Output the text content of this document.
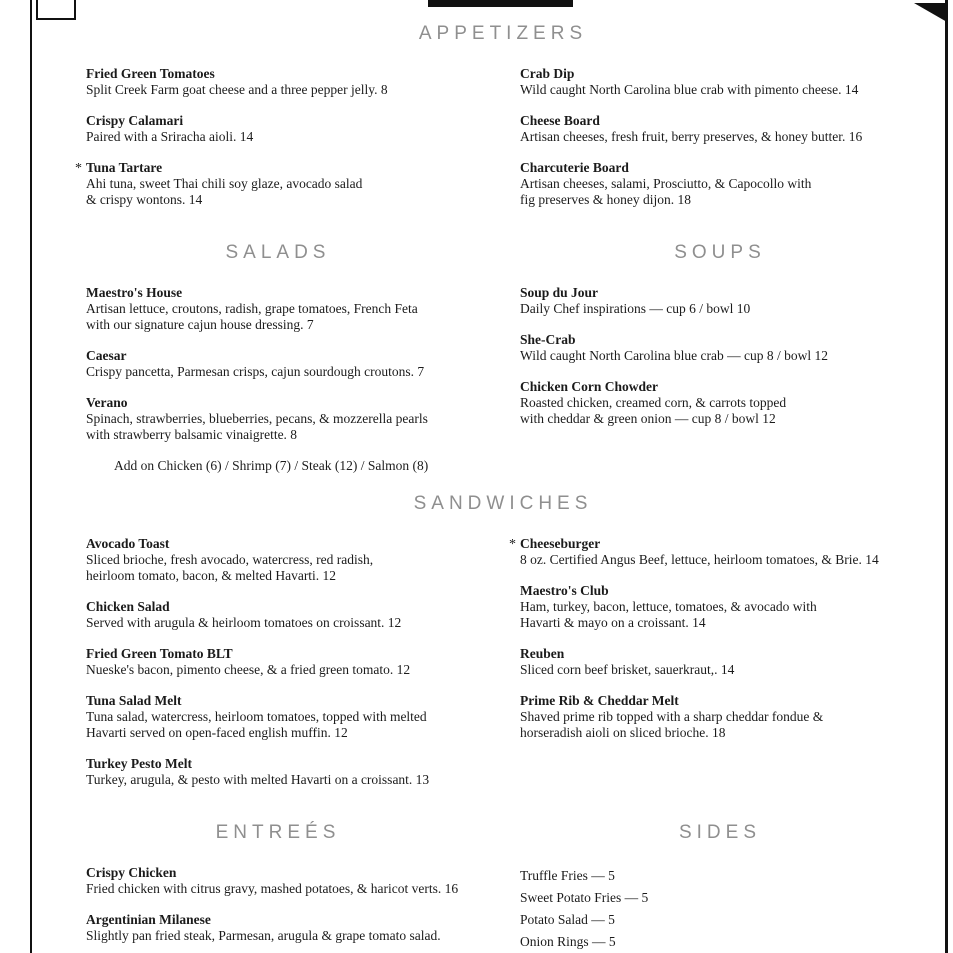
APPETIZERS
Fried Green Tomatoes
Split Creek Farm goat cheese and a three pepper jelly. 8
Crispy Calamari
Paired with a Sriracha aioli. 14
* Tuna Tartare
Ahi tuna, sweet Thai chili soy glaze, avocado salad
& crispy wontons. 14
Crab Dip
Wild caught North Carolina blue crab with pimento cheese. 14
Cheese Board
Artisan cheeses, fresh fruit, berry preserves, & honey butter. 16
Charcuterie Board
Artisan cheeses, salami, Prosciutto, & Capocollo with
fig preserves & honey dijon. 18
SALADS
Maestro's House
Artisan lettuce, croutons, radish, grape tomatoes, French Feta
with our signature cajun house dressing. 7
Caesar
Crispy pancetta, Parmesan crisps, cajun sourdough croutons. 7
Verano
Spinach, strawberries, blueberries, pecans, & mozzerella pearls
with strawberry balsamic vinaigrette. 8
Add on Chicken (6) / Shrimp (7) / Steak (12) / Salmon (8)
SOUPS
Soup du Jour
Daily Chef inspirations — cup 6 / bowl 10
She-Crab
Wild caught North Carolina blue crab — cup 8 / bowl 12
Chicken Corn Chowder
Roasted chicken, creamed corn, & carrots topped
with cheddar & green onion — cup 8 / bowl 12
SANDWICHES
Avocado Toast
Sliced brioche, fresh avocado, watercress, red radish,
heirloom tomato, bacon, & melted Havarti. 12
Chicken Salad
Served with arugula & heirloom tomatoes on croissant. 12
Fried Green Tomato BLT
Nueske's bacon, pimento cheese, & a fried green tomato. 12
Tuna Salad Melt
Tuna salad, watercress, heirloom tomatoes, topped with melted
Havarti served on open-faced english muffin. 12
Turkey Pesto Melt
Turkey, arugula, & pesto with melted Havarti on a croissant. 13
* Cheeseburger
8 oz. Certified Angus Beef, lettuce, heirloom tomatoes, & Brie. 14
Maestro's Club
Ham, turkey, bacon, lettuce, tomatoes, & avocado with
Havarti & mayo on a croissant. 14
Reuben
Sliced corn beef brisket, sauerkraut,. 14
Prime Rib & Cheddar Melt
Shaved prime rib topped with a sharp cheddar fondue &
horseradish aioli on sliced brioche. 18
ENTREÉS
Crispy Chicken
Fried chicken with citrus gravy, mashed potatoes, & haricot verts. 16
Argentinian Milanese
Slightly pan fried steak, Parmesan, arugula & grape tomato salad.
SIDES
Truffle Fries — 5
Sweet Potato Fries — 5
Potato Salad — 5
Onion Rings — 5
